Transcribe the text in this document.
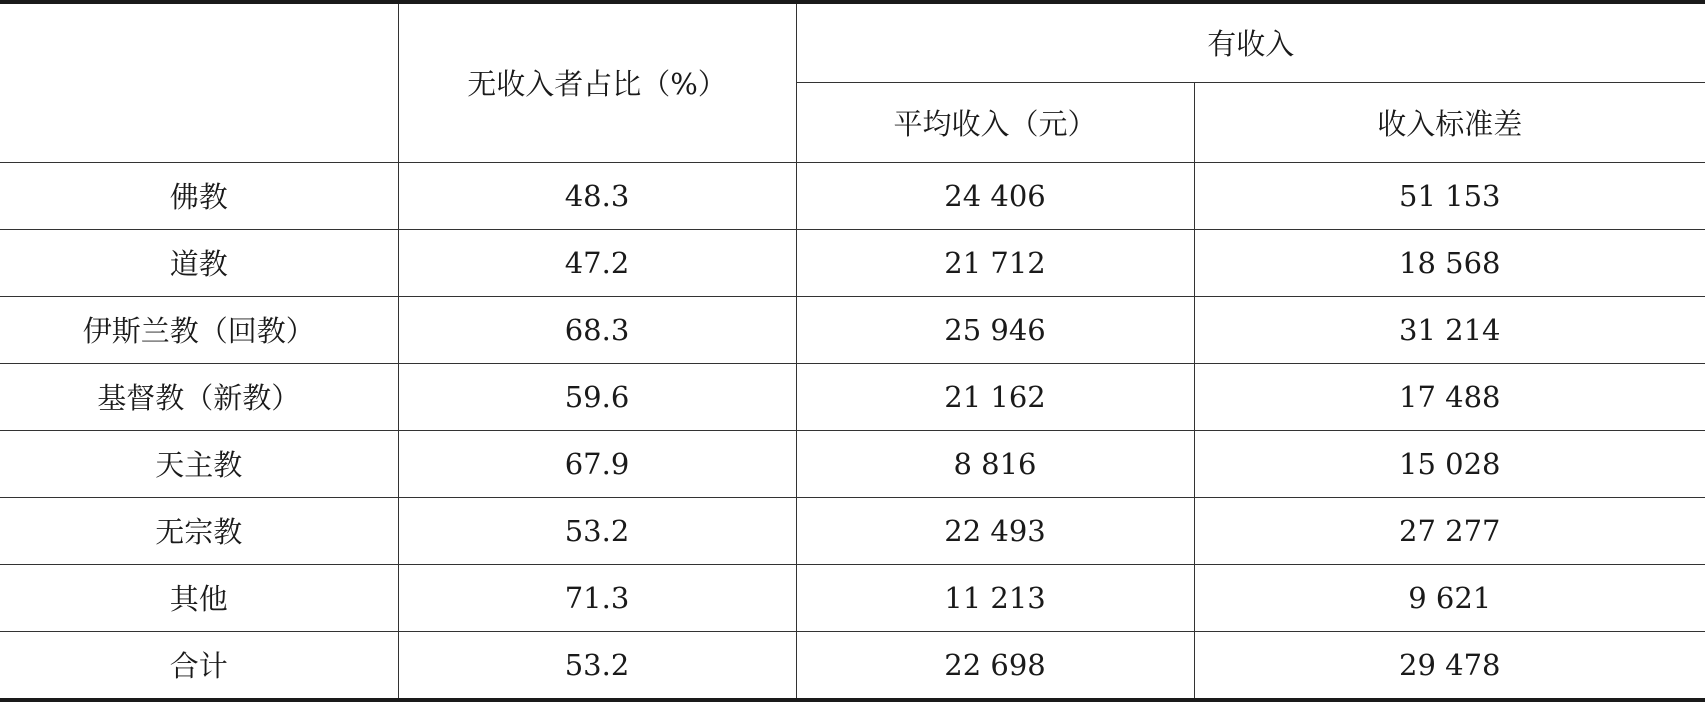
	无收入者占比（%）	有收入	
		平均收入（元）	收入标准差
佛教	48.3	24 406	51 153
道教	47.2	21 712	18 568
伊斯兰教（回教）	68.3	25 946	31 214
基督教（新教）	59.6	21 162	17 488
天主教	67.9	8 816	15 028
无宗教	53.2	22 493	27 277
其他	71.3	11 213	9 621
合计	53.2	22 698	29 478
